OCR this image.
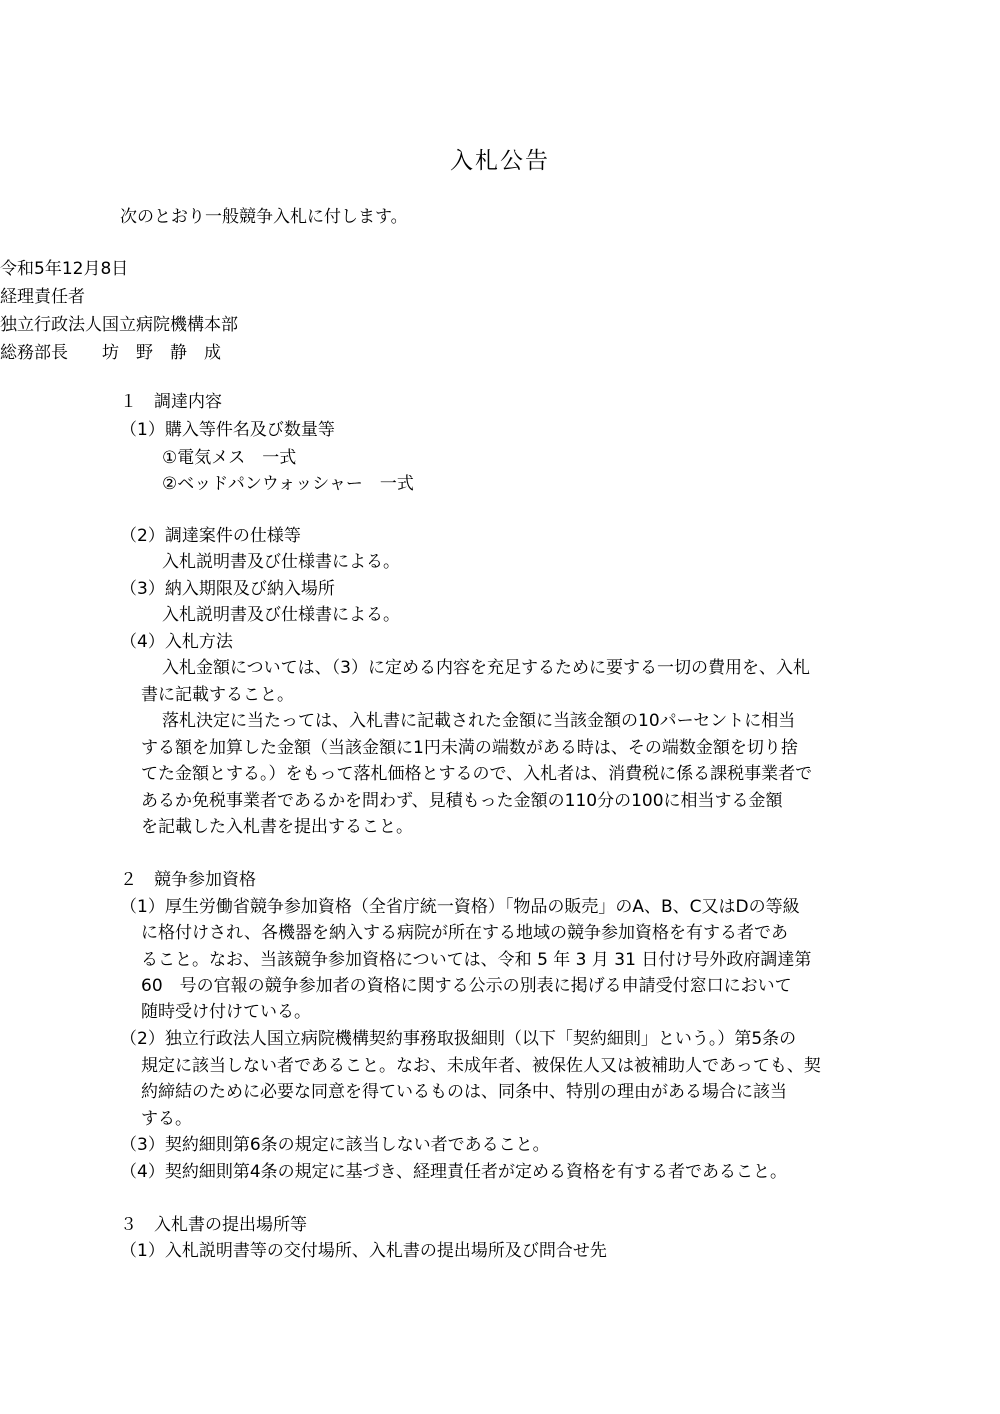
入札公告
次のとおり一般競争入札に付します。
令和5年12月8日
経理責任者
独立行政法人国立病院機構本部
総務部長　　坊　野　静　成
１　調達内容
（1）購入等件名及び数量等
①電気メス　一式
②ベッドパンウォッシャー　一式
（2）調達案件の仕様等
入札説明書及び仕様書による。
（3）納入期限及び納入場所
入札説明書及び仕様書による。
（4）入札方法
入札金額については、（3）に定める内容を充足するために要する一切の費用を、入札
書に記載すること。
落札決定に当たっては、入札書に記載された金額に当該金額の10パーセントに相当
する額を加算した金額（当該金額に1円未満の端数がある時は、その端数金額を切り捨
てた金額とする。）をもって落札価格とするので、入札者は、消費税に係る課税事業者で
あるか免税事業者であるかを問わず、見積もった金額の110分の100に相当する金額
を記載した入札書を提出すること。
２　競争参加資格
（1）厚生労働省競争参加資格（全省庁統一資格）「物品の販売」のA、B、C又はDの等級
に格付けされ、各機器を納入する病院が所在する地域の競争参加資格を有する者であ
ること。なお、当該競争参加資格については、令和 5 年 3 月 31 日付け号外政府調達第
60　号の官報の競争参加者の資格に関する公示の別表に掲げる申請受付窓口において
随時受け付けている。
（2）独立行政法人国立病院機構契約事務取扱細則（以下「契約細則」という。）第5条の
規定に該当しない者であること。なお、未成年者、被保佐人又は被補助人であっても、契
約締結のために必要な同意を得ているものは、同条中、特別の理由がある場合に該当
する。
（3）契約細則第6条の規定に該当しない者であること。
（4）契約細則第4条の規定に基づき、経理責任者が定める資格を有する者であること。
３　入札書の提出場所等
（1）入札説明書等の交付場所、入札書の提出場所及び問合せ先
